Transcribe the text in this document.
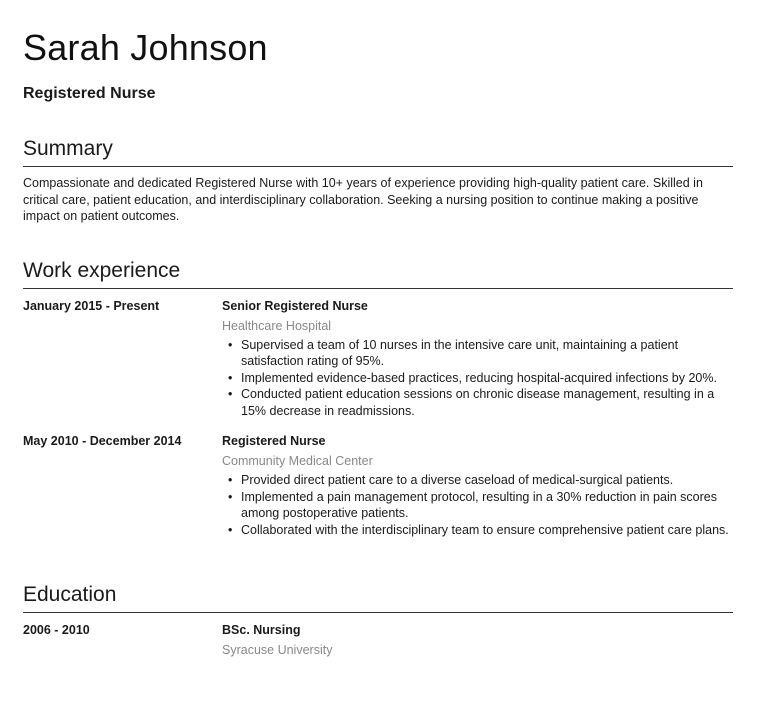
Sarah Johnson
Registered Nurse
Summary

Compassionate and dedicated Registered Nurse with 10+ years of experience providing high-quality patient care. Skilled in critical care, patient education, and interdisciplinary collaboration. Seeking a nursing position to continue making a positive impact on patient outcomes.

Work experience
January 2015 - Present	Senior Registered Nurse
Healthcare Hospital
• Supervised a team of 10 nurses in the intensive care unit, maintaining a patient satisfaction rating of 95%.
• Implemented evidence-based practices, reducing hospital-acquired infections by 20%.
• Conducted patient education sessions on chronic disease management, resulting in a 15% decrease in readmissions.
May 2010 - December 2014	Registered Nurse
Community Medical Center
• Provided direct patient care to a diverse caseload of medical-surgical patients.
• Implemented a pain management protocol, resulting in a 30% reduction in pain scores among postoperative patients.
• Collaborated with the interdisciplinary team to ensure comprehensive patient care plans.
Education
2006 - 2010	BSc. Nursing
Syracuse University
